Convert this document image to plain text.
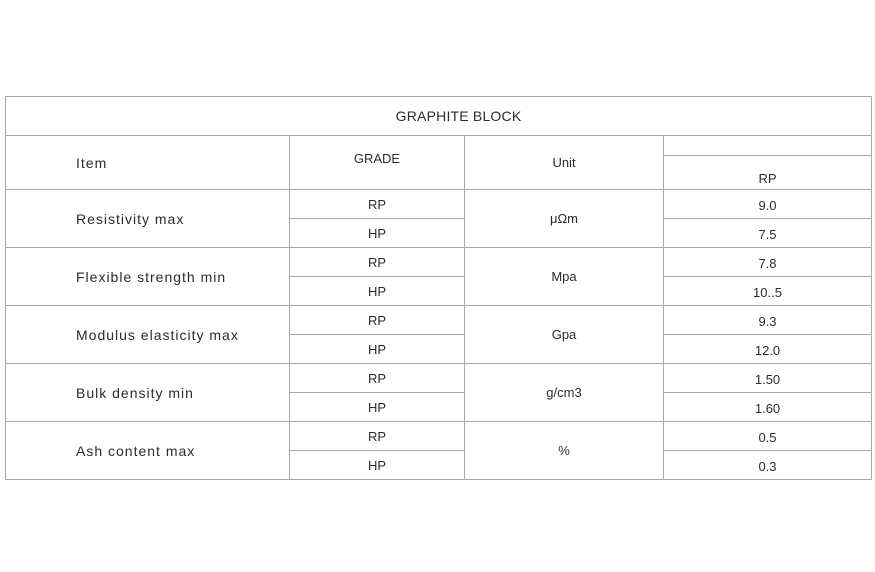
GRAPHITE BLOCK			
Item	GRADE	Unit	RP
Resistivity max	RP	μΩm	9.0
	HP		7.5
Flexible strength min	RP	Mpa	7.8
	HP		10..5
Modulus elasticity max	RP	Gpa	9.3
	HP		12.0
Bulk density min	RP	g/cm3	1.50
	HP		1.60
Ash content max	RP	%	0.5
	HP		0.3
